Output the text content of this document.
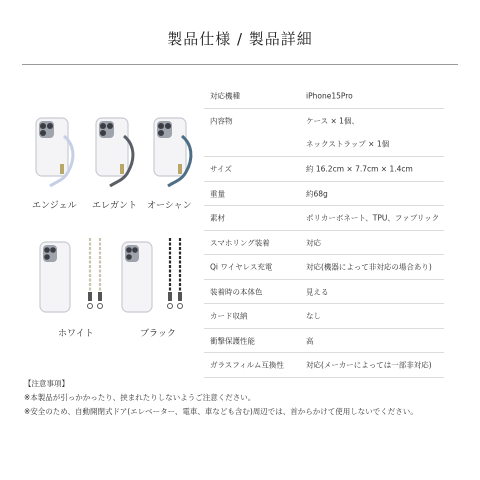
製品仕様 / 製品詳細
エンジェル エレガント オーシャン
ホワイト	ブラック
対応機種	iPhone15Pro
内容物	ケース × 1個、
ネックストラップ × 1個
サイズ	約 16.2cm × 7.7cm × 1.4cm
重量	約68g
素材	ポリカーボネート、TPU、ファブリック
スマホリング装着	対応
Qi ワイヤレス充電	対応(機器によって非対応の場合あり)
装着時の本体色	見える
カード収納	なし
衝撃保護性能	高
ガラスフィルム互換性	対応(メーカーによっては一部非対応)
【注意事項】
※本製品が引っかかったり、挟まれたりしないようご注意ください。
※安全のため、自動開閉式ドア(エレベーター、電車、車なども含む)周辺では、首からかけて使用しないでください。
